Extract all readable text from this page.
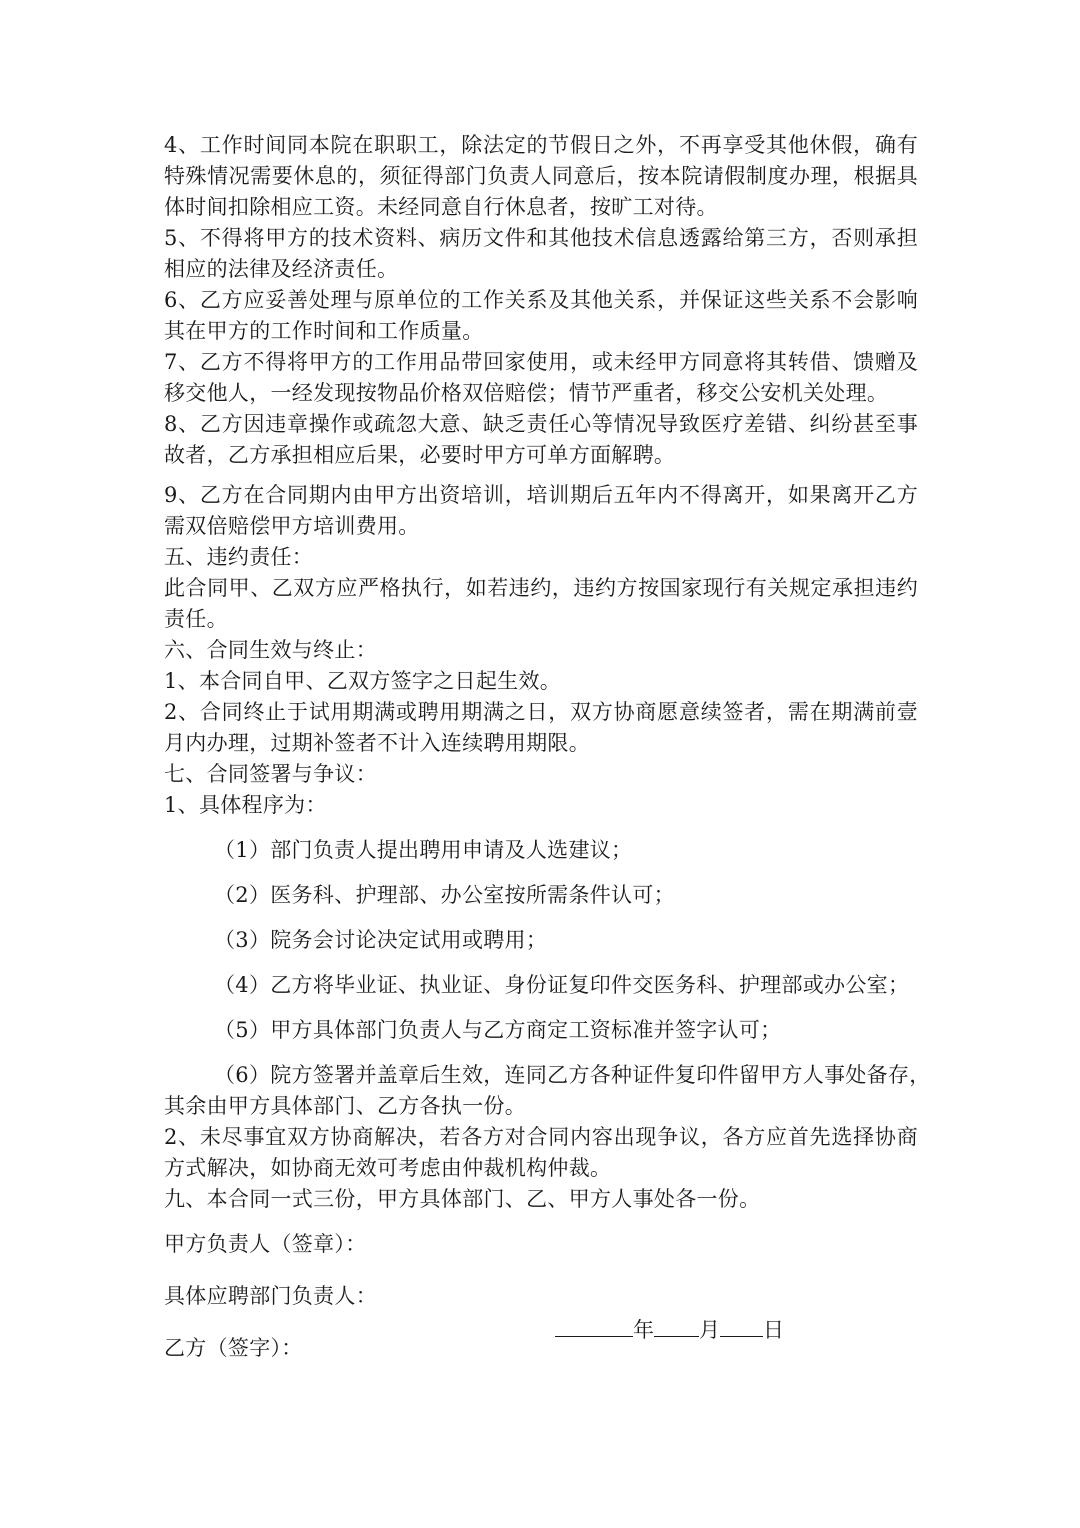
4、工作时间同本院在职职工，除法定的节假日之外，不再享受其他休假，确有
特殊情况需要休息的，须征得部门负责人同意后，按本院请假制度办理，根据具
体时间扣除相应工资。未经同意自行休息者，按旷工对待。
5、不得将甲方的技术资料、病历文件和其他技术信息透露给第三方，否则承担
相应的法律及经济责任。
6、乙方应妥善处理与原单位的工作关系及其他关系，并保证这些关系不会影响
其在甲方的工作时间和工作质量。
7、乙方不得将甲方的工作用品带回家使用，或未经甲方同意将其转借、馈赠及
移交他人，一经发现按物品价格双倍赔偿；情节严重者，移交公安机关处理。
8、乙方因违章操作或疏忽大意、缺乏责任心等情况导致医疗差错、纠纷甚至事
故者，乙方承担相应后果，必要时甲方可单方面解聘。
9、乙方在合同期内由甲方出资培训，培训期后五年内不得离开，如果离开乙方
需双倍赔偿甲方培训费用。
五、违约责任：
此合同甲、乙双方应严格执行，如若违约，违约方按国家现行有关规定承担违约
责任。
六、合同生效与终止：
1、本合同自甲、乙双方签字之日起生效。
2、合同终止于试用期满或聘用期满之日，双方协商愿意续签者，需在期满前壹
月内办理，过期补签者不计入连续聘用期限。
七、合同签署与争议：
1、具体程序为：
（1）部门负责人提出聘用申请及人选建议；
（2）医务科、护理部、办公室按所需条件认可；
（3）院务会讨论决定试用或聘用；
（4）乙方将毕业证、执业证、身份证复印件交医务科、护理部或办公室；
（5）甲方具体部门负责人与乙方商定工资标准并签字认可；
（6）院方签署并盖章后生效，连同乙方各种证件复印件留甲方人事处备存，
其余由甲方具体部门、乙方各执一份。
2、未尽事宜双方协商解决，若各方对合同内容出现争议，各方应首先选择协商
方式解决，如协商无效可考虑由仲裁机构仲裁。
九、本合同一式三份，甲方具体部门、乙、甲方人事处各一份。
甲方负责人（签章）：
具体应聘部门负责人：
乙方（签字）：
年 月 日
